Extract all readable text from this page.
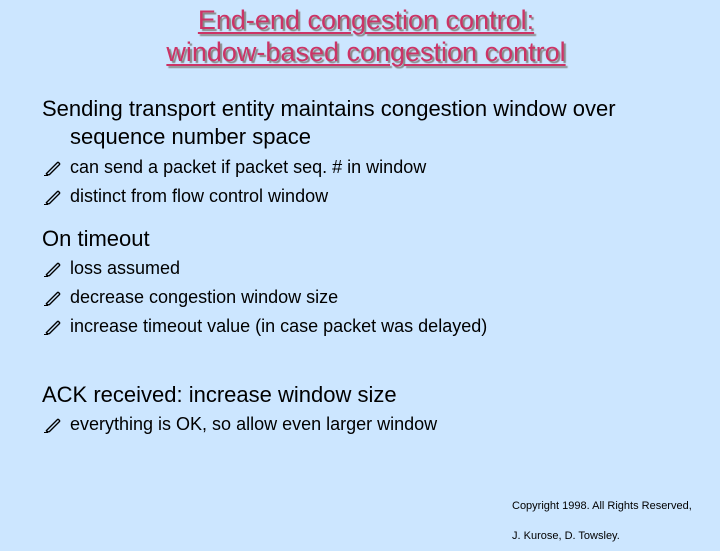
End-end congestion control:
window-based congestion control

Sending transport entity maintains congestion window over
sequence number space

can send a packet if packet seq. # in window
distinct from flow control window

On timeout

loss assumed
decrease congestion window size
increase timeout value (in case packet was delayed)

ACK received: increase window size

everything is OK, so allow even larger window

Copyright 1998. All Rights Reserved,
J. Kurose, D. Towsley.
